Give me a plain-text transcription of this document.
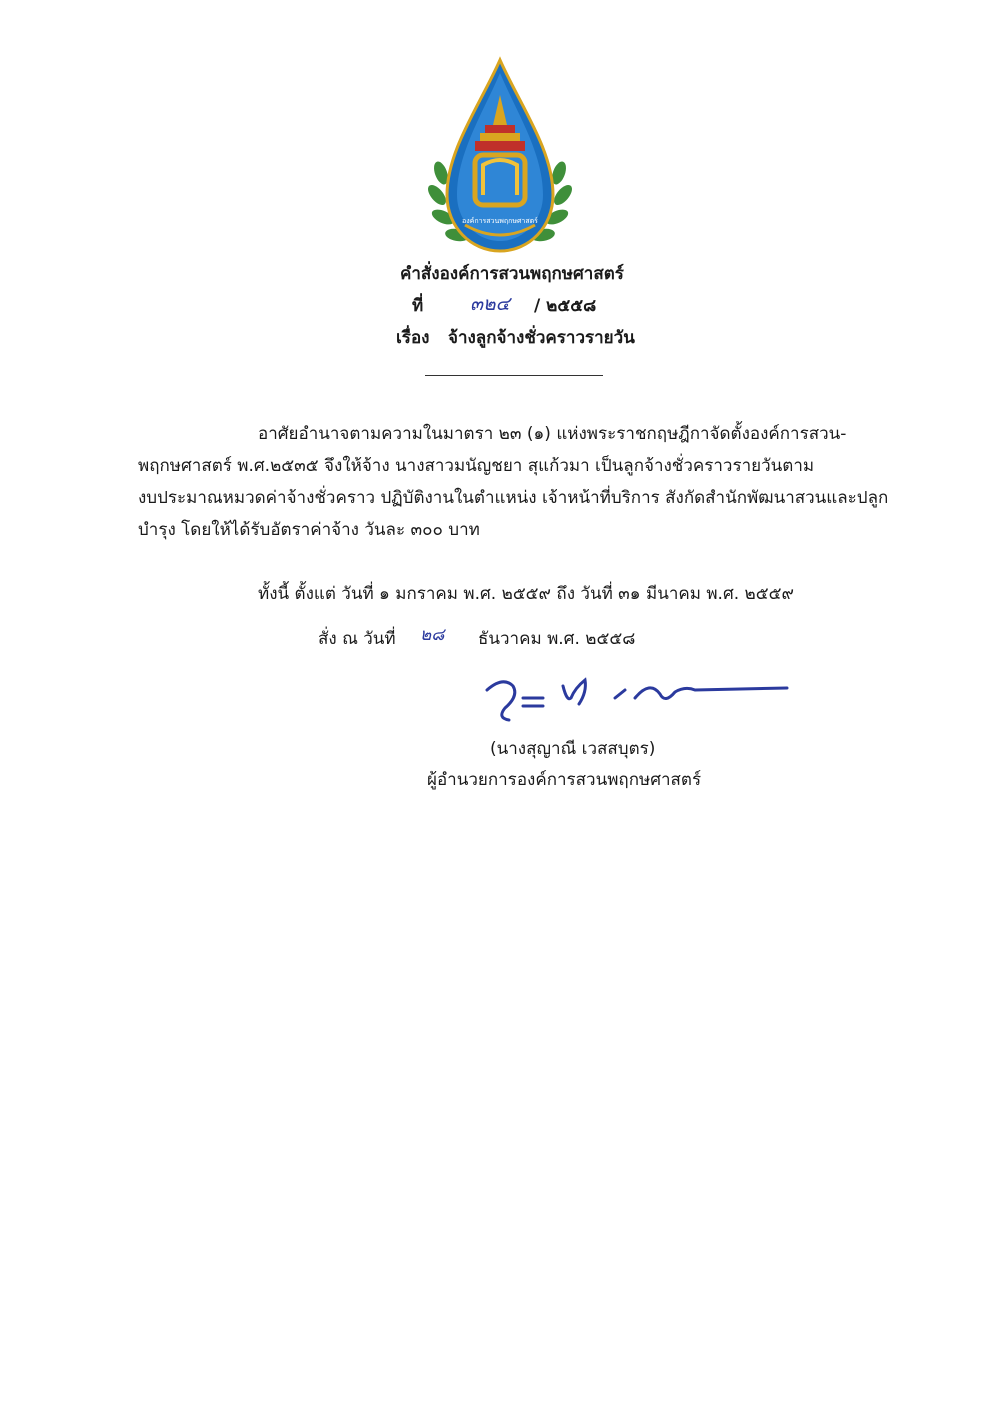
องค์การสวนพฤกษศาสตร์
คำสั่งองค์การสวนพฤกษศาสตร์
ที่ ๓๒๔ / ๒๕๕๘
เรื่อง จ้างลูกจ้างชั่วคราวรายวัน
อาศัยอำนาจตามความในมาตรา ๒๓ (๑) แห่งพระราชกฤษฎีกาจัดตั้งองค์การสวน-
พฤกษศาสตร์ พ.ศ.๒๕๓๕ จึงให้จ้าง นางสาวมนัญชยา สุแก้วมา เป็นลูกจ้างชั่วคราวรายวันตาม
งบประมาณหมวดค่าจ้างชั่วคราว ปฏิบัติงานในตำแหน่ง เจ้าหน้าที่บริการ สังกัดสำนักพัฒนาสวนและปลูก
บำรุง โดยให้ได้รับอัตราค่าจ้าง วันละ ๓๐๐ บาท
ทั้งนี้ ตั้งแต่ วันที่ ๑ มกราคม พ.ศ. ๒๕๕๙ ถึง วันที่ ๓๑ มีนาคม พ.ศ. ๒๕๕๙
สั่ง ณ วันที่ ๒๘ ธันวาคม พ.ศ. ๒๕๕๘
(นางสุญาณี เวสสบุตร)
ผู้อำนวยการองค์การสวนพฤกษศาสตร์
